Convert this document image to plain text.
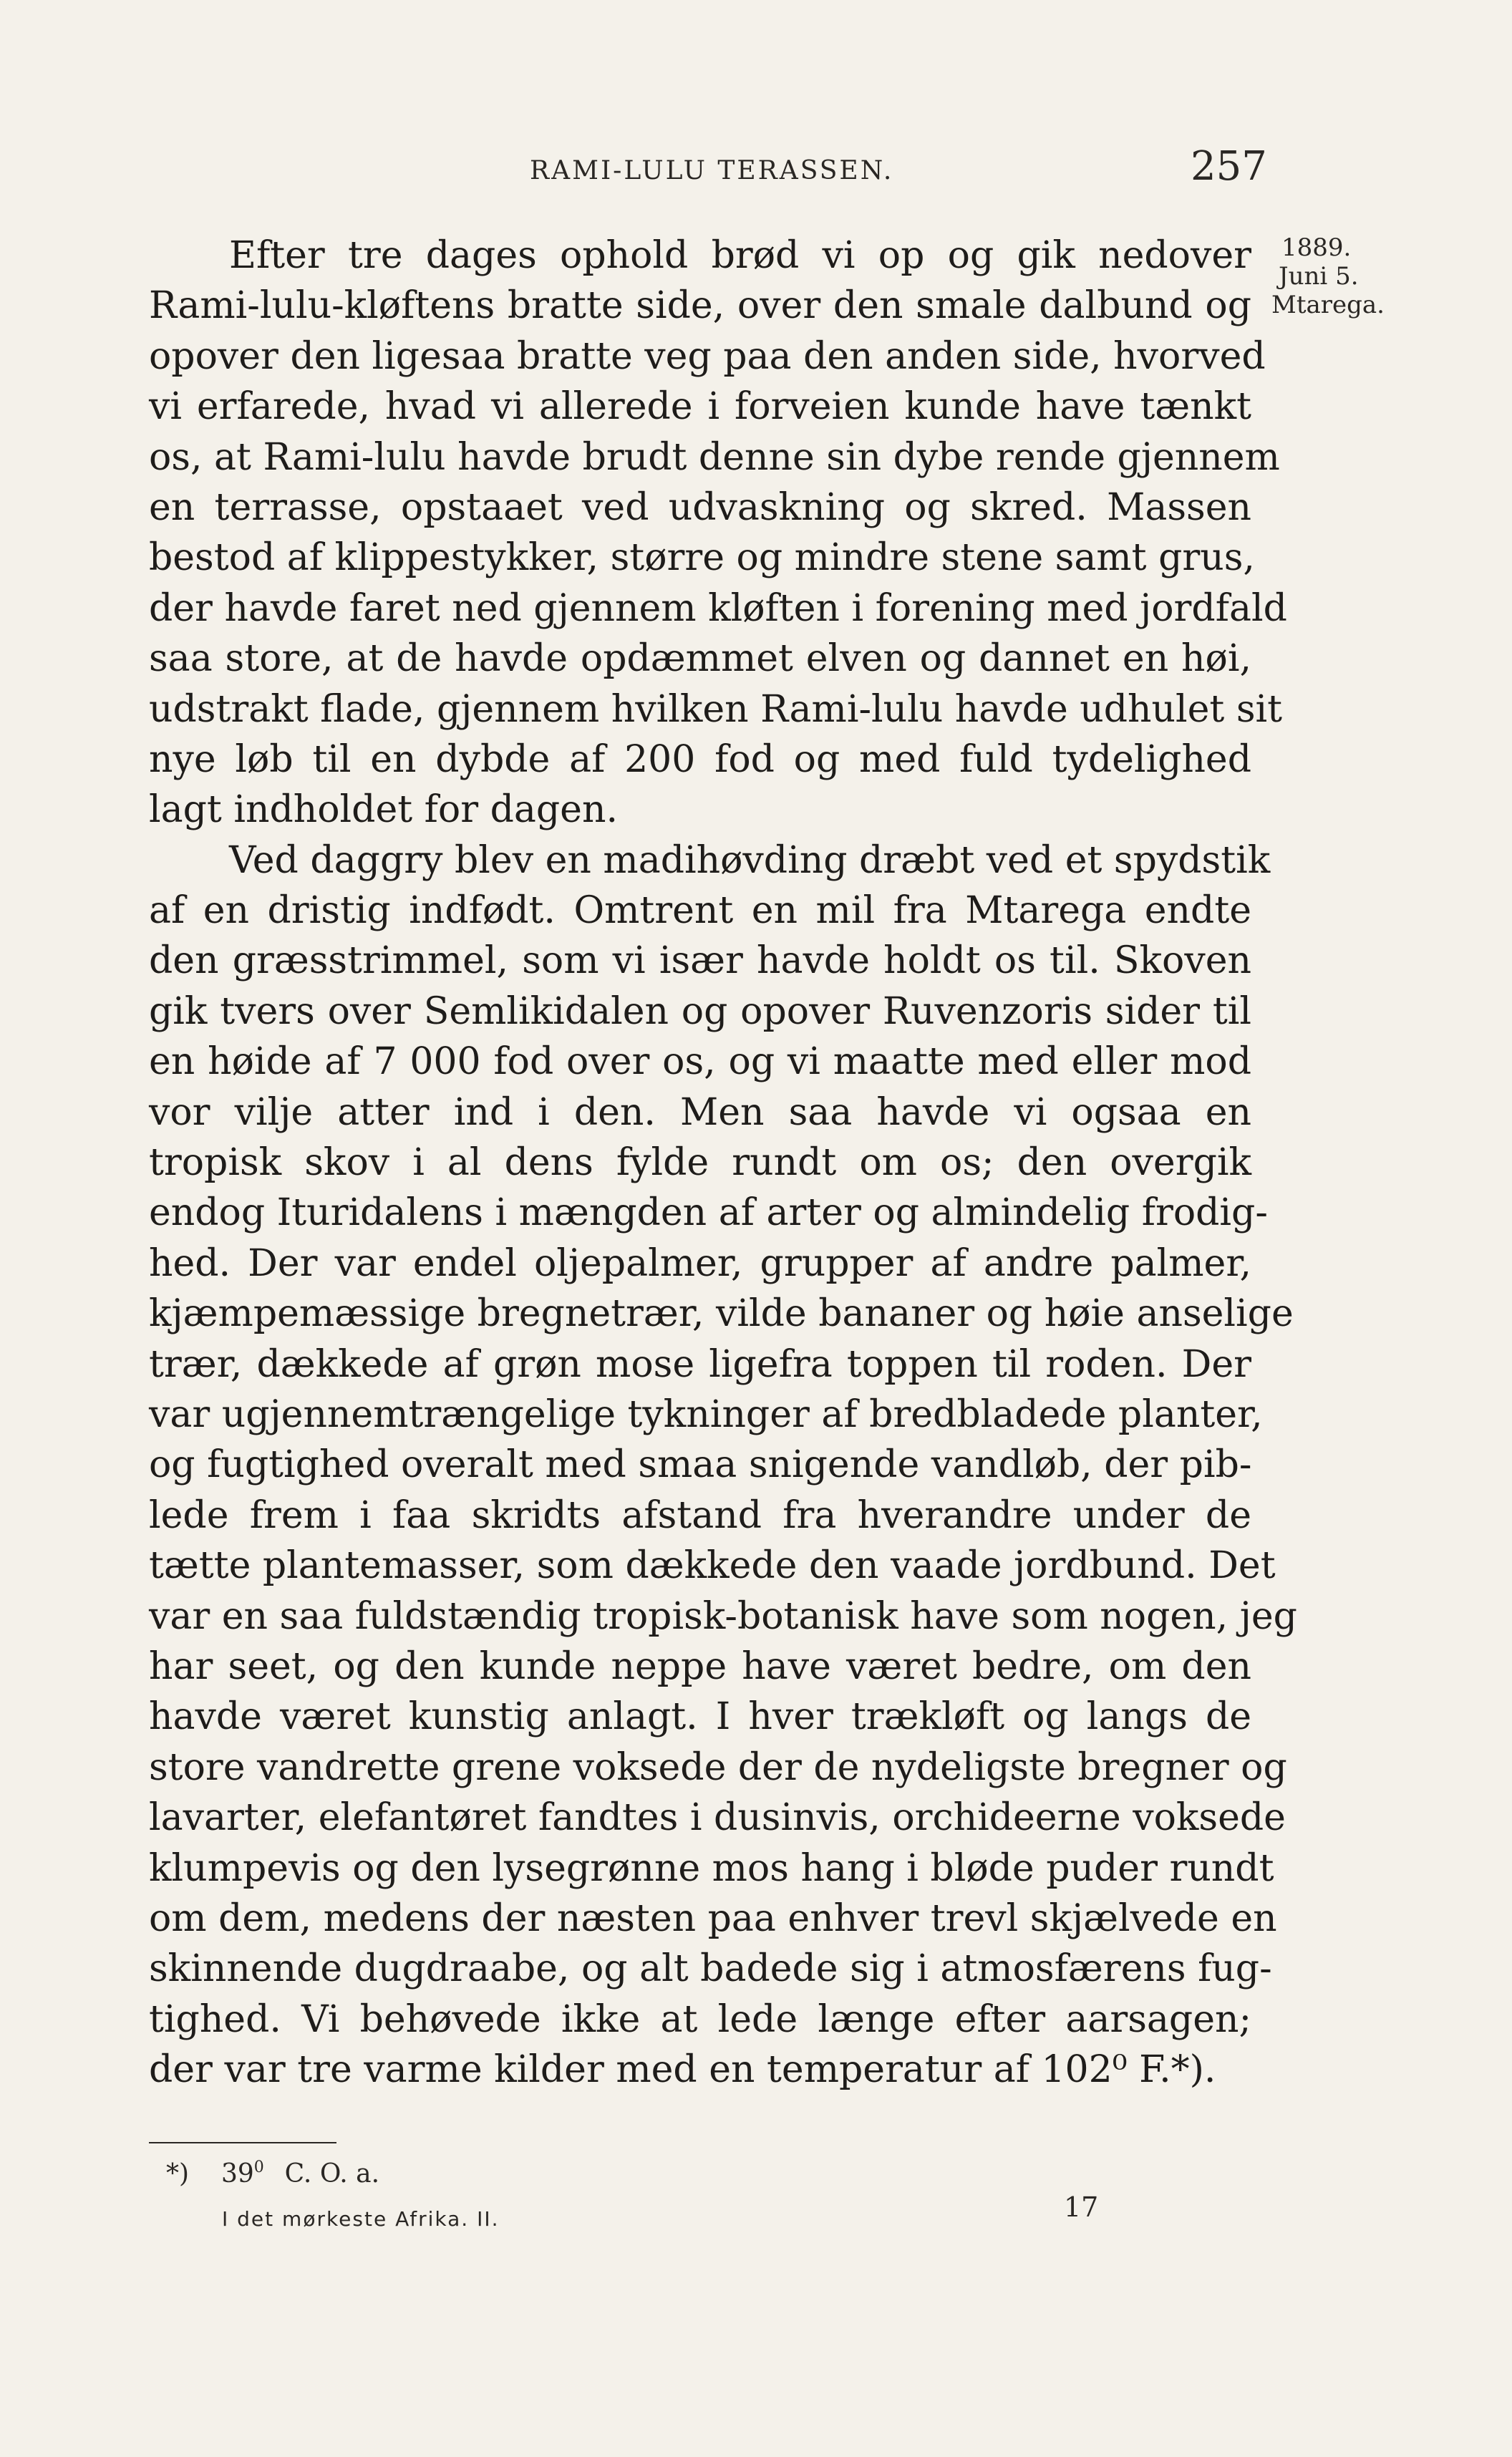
RAMI-LULU TERASSEN.	257
1889.
Juni 5.
Mtarega.
Efter tre dages ophold brød vi op og gik nedover
Rami-lulu-kløftens bratte side, over den smale dalbund og
opover den ligesaa bratte veg paa den anden side, hvorved
vi erfarede, hvad vi allerede i forveien kunde have tænkt
os, at Rami-lulu havde brudt denne sin dybe rende gjennem
en terrasse, opstaaet ved udvaskning og skred. Massen
bestod af klippestykker, større og mindre stene samt grus,
der havde faret ned gjennem kløften i forening med jordfald
saa store, at de havde opdæmmet elven og dannet en høi,
udstrakt flade, gjennem hvilken Rami-lulu havde udhulet sit
nye løb til en dybde af 200 fod og med fuld tydelighed
lagt indholdet for dagen.
Ved daggry blev en madihøvding dræbt ved et spydstik
af en dristig indfødt. Omtrent en mil fra Mtarega endte
den græsstrimmel, som vi især havde holdt os til. Skoven
gik tvers over Semlikidalen og opover Ruvenzoris sider til
en høide af 7 000 fod over os, og vi maatte med eller mod
vor vilje atter ind i den. Men saa havde vi ogsaa en
tropisk skov i al dens fylde rundt om os; den overgik
endog Ituridalens i mængden af arter og almindelig frodig-
hed. Der var endel oljepalmer, grupper af andre palmer,
kjæmpemæssige bregnetrær, vilde bananer og høie anselige
trær, dækkede af grøn mose ligefra toppen til roden. Der
var ugjennemtrængelige tykninger af bredbladede planter,
og fugtighed overalt med smaa snigende vandløb, der pib-
lede frem i faa skridts afstand fra hverandre under de
tætte plantemasser, som dækkede den vaade jordbund. Det
var en saa fuldstændig tropisk-botanisk have som nogen, jeg
har seet, og den kunde neppe have været bedre, om den
havde været kunstig anlagt. I hver trækløft og langs de
store vandrette grene voksede der de nydeligste bregner og
lavarter, elefantøret fandtes i dusinvis, orchideerne voksede
klumpevis og den lysegrønne mos hang i bløde puder rundt
om dem, medens der næsten paa enhver trevl skjælvede en
skinnende dugdraabe, og alt badede sig i atmosfærens fug-
tighed. Vi behøvede ikke at lede længe efter aarsagen;
der var tre varme kilder med en temperatur af 102⁰ F.*).
*) 39$^0$ C. O. a.
I det mørkeste Afrika. II.	17
